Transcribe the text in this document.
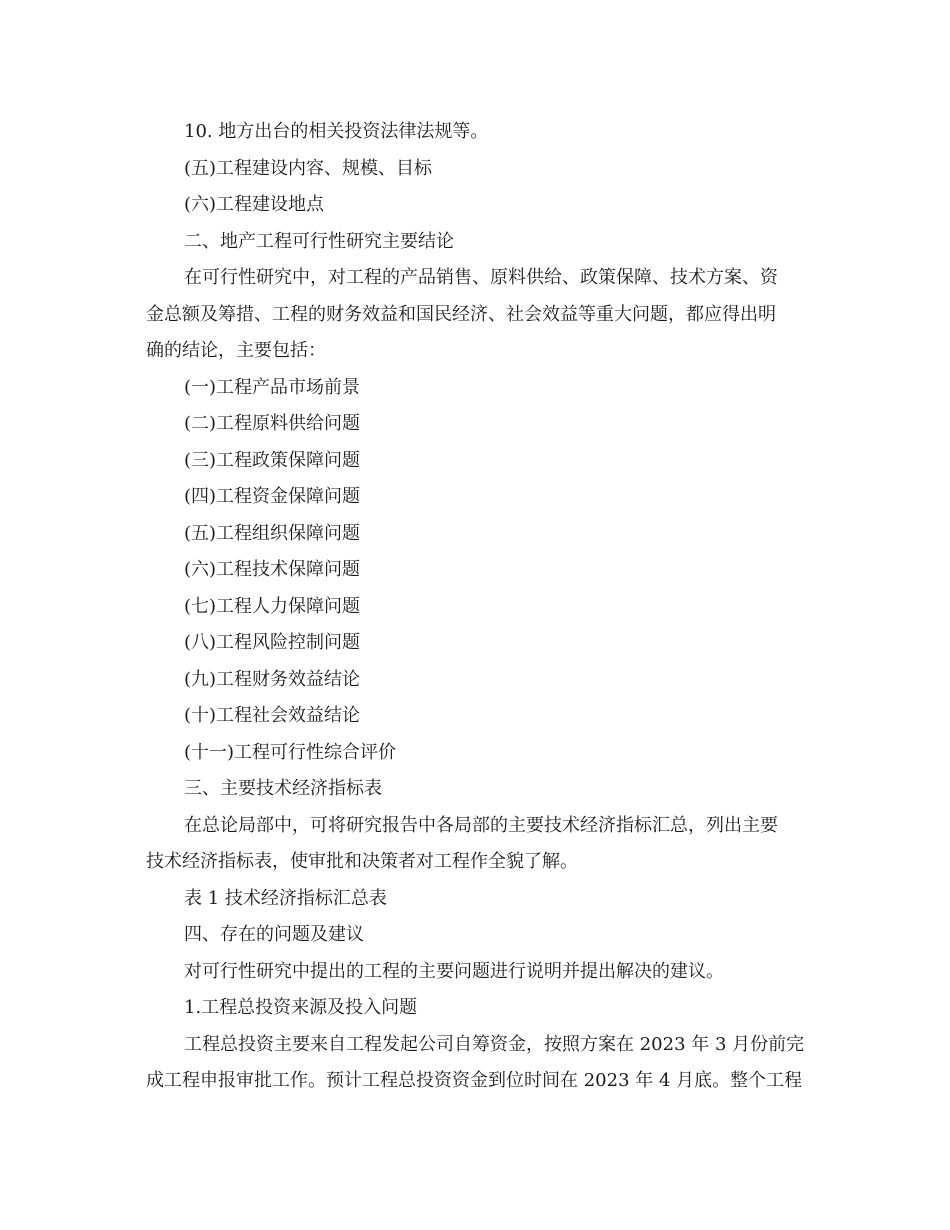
10. 地方出台的相关投资法律法规等。

(五)工程建设内容、规模、目标

(六)工程建设地点

二、地产工程可行性研究主要结论

在可行性研究中，对工程的产品销售、原料供给、政策保障、技术方案、资

金总额及筹措、工程的财务效益和国民经济、社会效益等重大问题，都应得出明

确的结论，主要包括：

(一)工程产品市场前景

(二)工程原料供给问题

(三)工程政策保障问题

(四)工程资金保障问题

(五)工程组织保障问题

(六)工程技术保障问题

(七)工程人力保障问题

(八)工程风险控制问题

(九)工程财务效益结论

(十)工程社会效益结论

(十一)工程可行性综合评价

三、主要技术经济指标表

在总论局部中，可将研究报告中各局部的主要技术经济指标汇总，列出主要

技术经济指标表，使审批和决策者对工程作全貌了解。

表 1 技术经济指标汇总表

四、存在的问题及建议

对可行性研究中提出的工程的主要问题进行说明并提出解决的建议。

1.工程总投资来源及投入问题

工程总投资主要来自工程发起公司自筹资金，按照方案在 2023 年 3 月份前完

成工程申报审批工作。预计工程总投资资金到位时间在 2023 年 4 月底。整个工程
